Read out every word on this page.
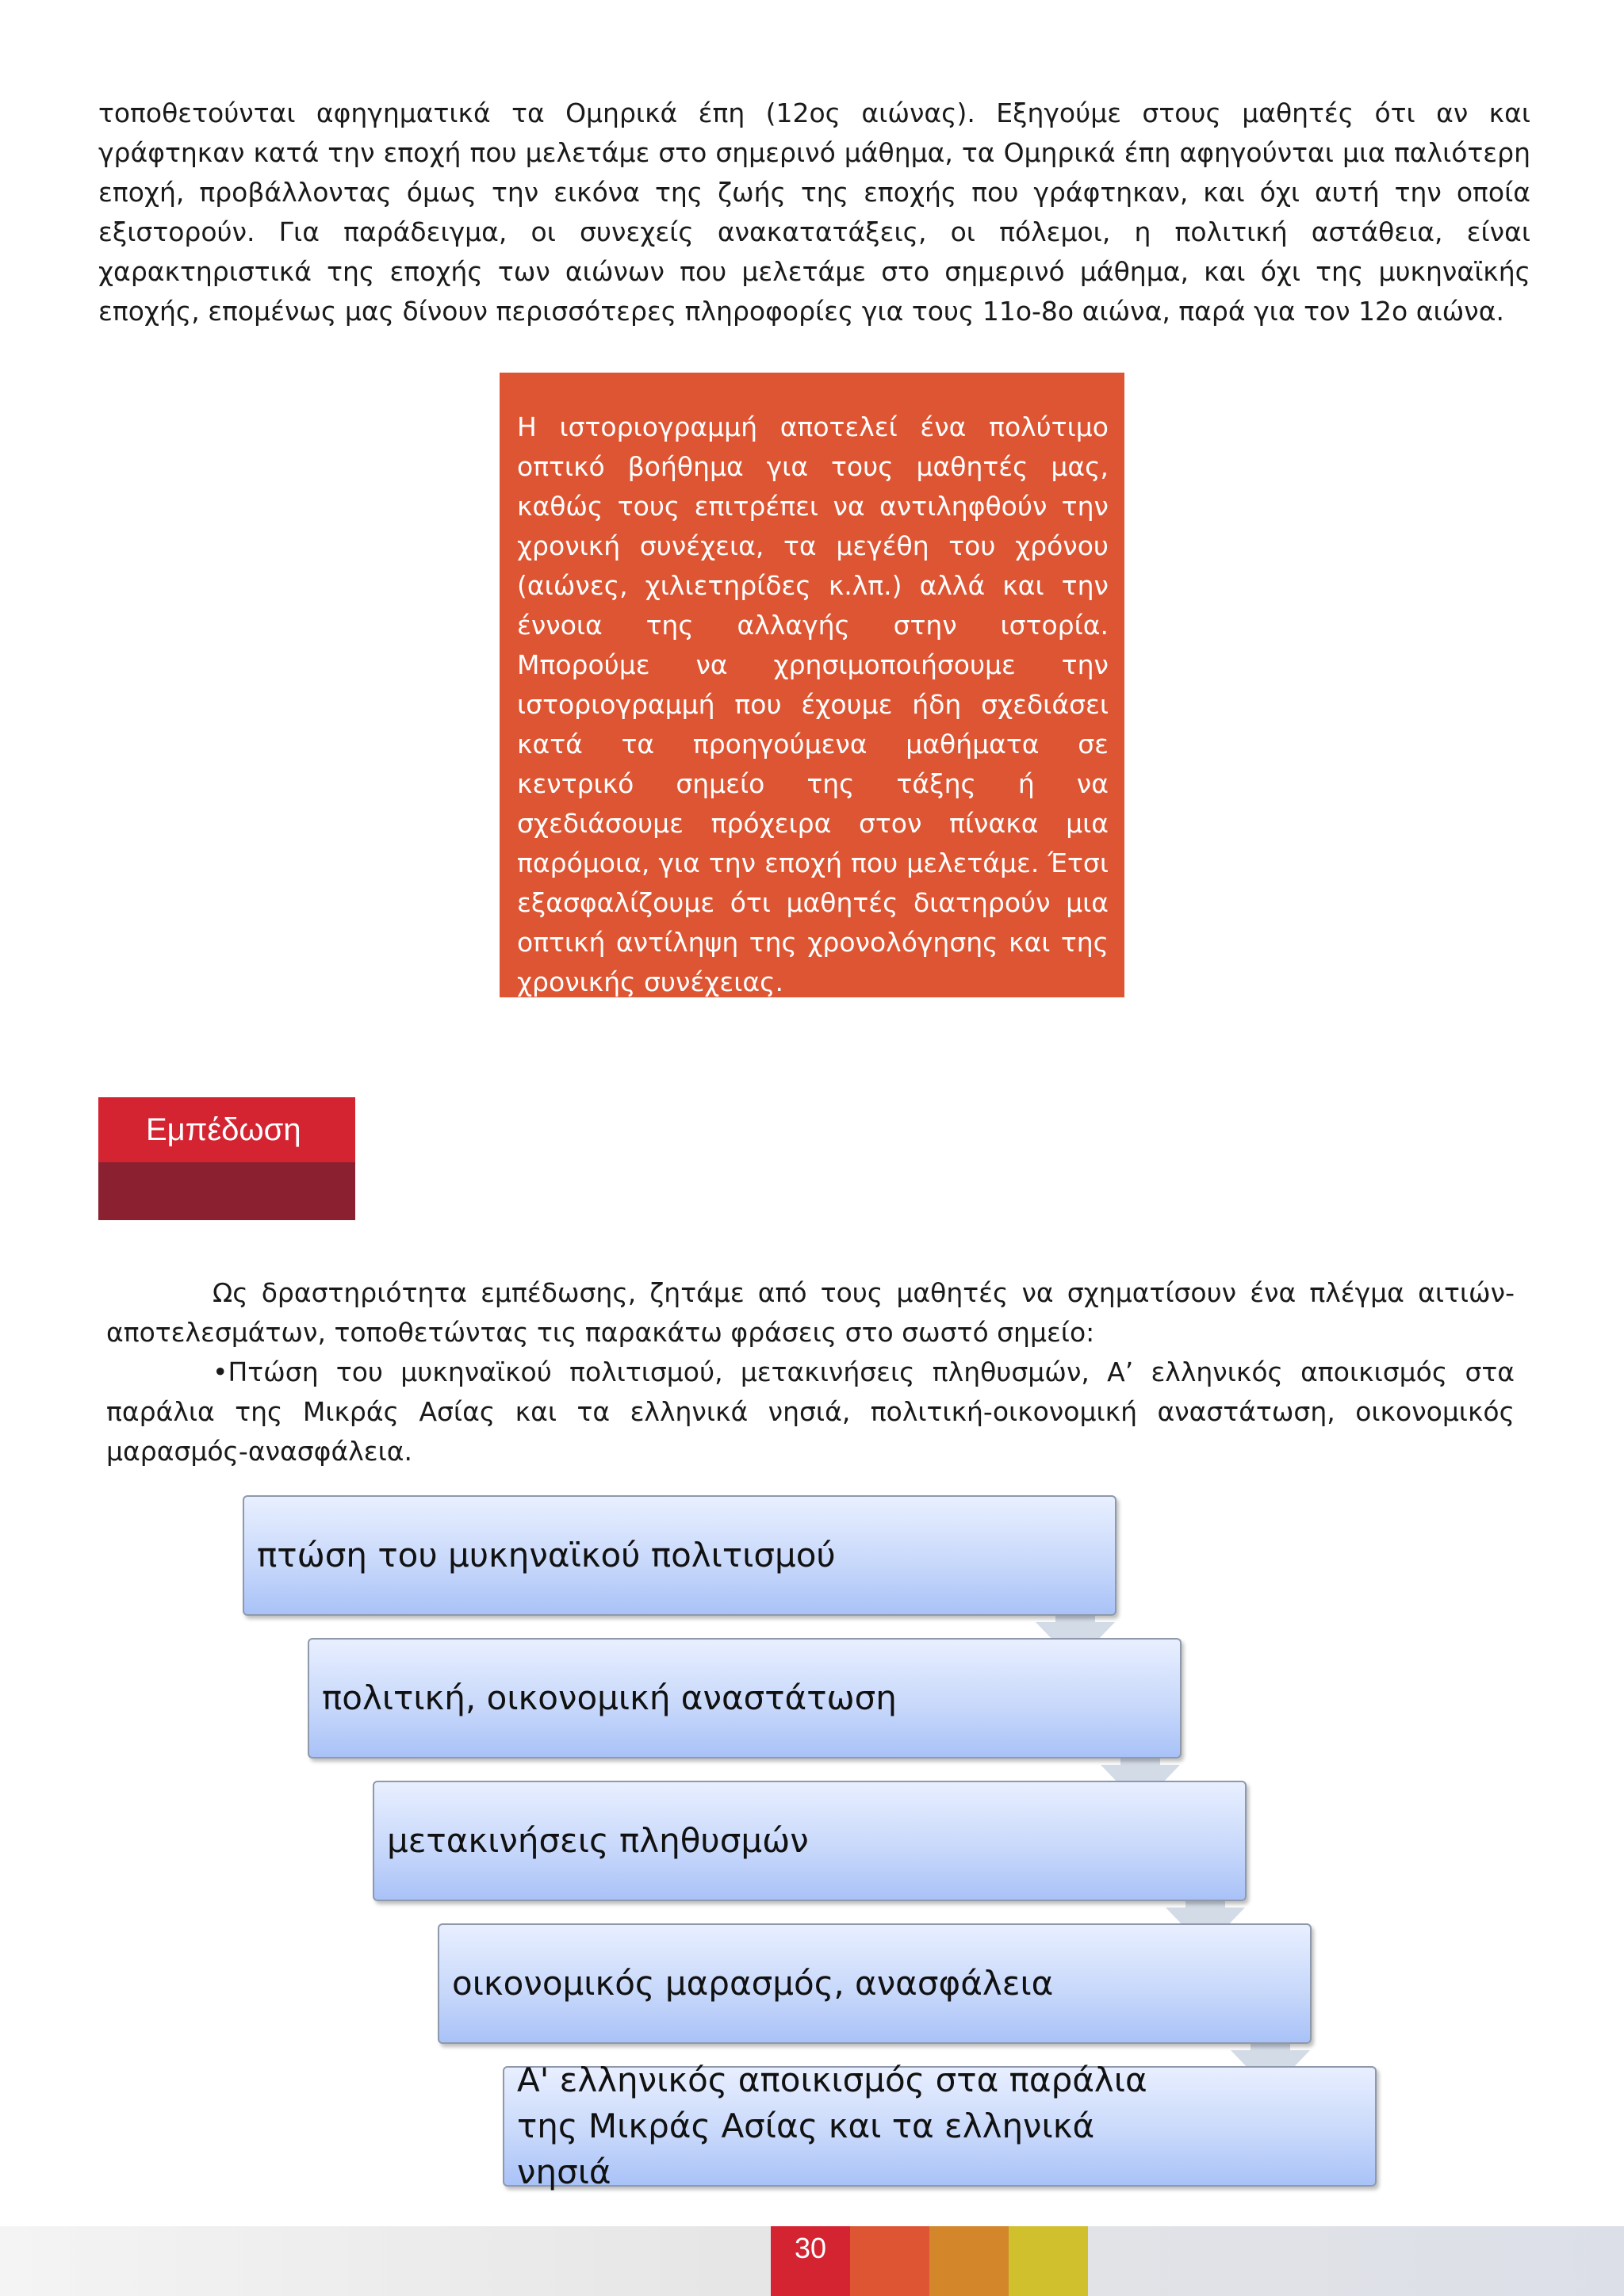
τοποθετούνται αφηγηματικά τα Ομηρικά έπη (12ος αιώνας). Εξηγούμε στους μαθητές ότι αν και γράφτηκαν κατά την εποχή που μελετάμε στο σημερινό μάθημα, τα Ομηρικά έπη αφηγούνται μια παλιότερη εποχή, προβάλλοντας όμως την εικόνα της ζωής της εποχής που γράφτηκαν, και όχι αυτή την οποία εξιστορούν. Για παράδειγμα, οι συνεχείς ανακατατάξεις, οι πόλεμοι, η πολιτική αστάθεια, είναι χαρακτηριστικά της εποχής των αιώνων που μελετάμε στο σημερινό μάθημα, και όχι της μυκηναϊκής εποχής, επομένως μας δίνουν περισσότερες πληροφορίες για τους 11ο-8ο αιώνα, παρά για τον 12ο αιώνα.

Η ιστοριογραμμή αποτελεί ένα πολύτιμο οπτικό βοήθημα για τους μαθητές μας, καθώς τους επιτρέπει να αντιληφθούν την χρονική συνέχεια, τα μεγέθη του χρόνου (αιώνες, χιλιετηρίδες κ.λπ.) αλλά και την έννοια της αλλαγής στην ιστορία. Μπορούμε να χρησιμοποιήσουμε την ιστοριογραμμή που έχουμε ήδη σχεδιάσει κατά τα προηγούμενα μαθήματα σε κεντρικό σημείο της τάξης ή να σχεδιάσουμε πρόχειρα στον πίνακα μια παρόμοια, για την εποχή που μελετάμε. Έτσι εξασφαλίζουμε ότι μαθητές διατηρούν μια οπτική αντίληψη της χρονολόγησης και της χρονικής συνέχειας.
Εμπέδωση

Ως δραστηριότητα εμπέδωσης, ζητάμε από τους μαθητές να σχηματίσουν ένα πλέγμα αιτιών- αποτελεσμάτων, τοποθετώντας τις παρακάτω φράσεις στο σωστό σημείο:

•Πτώση του μυκηναϊκού πολιτισμού, μετακινήσεις πληθυσμών, Α’ ελληνικός αποικισμός στα παράλια της Μικράς Ασίας και τα ελληνικά νησιά, πολιτική-οικονομική αναστάτωση, οικονομικός μαρασμός-ανασφάλεια.

πτώση του μυκηναϊκού πολιτισμού
πολιτική, οικονομική αναστάτωση
μετακινήσεις πληθυσμών
οικονομικός μαρασμός, ανασφάλεια
Α' ελληνικός αποικισμός στα παράλια της Μικράς Ασίας και τα ελληνικά νησιά
30
